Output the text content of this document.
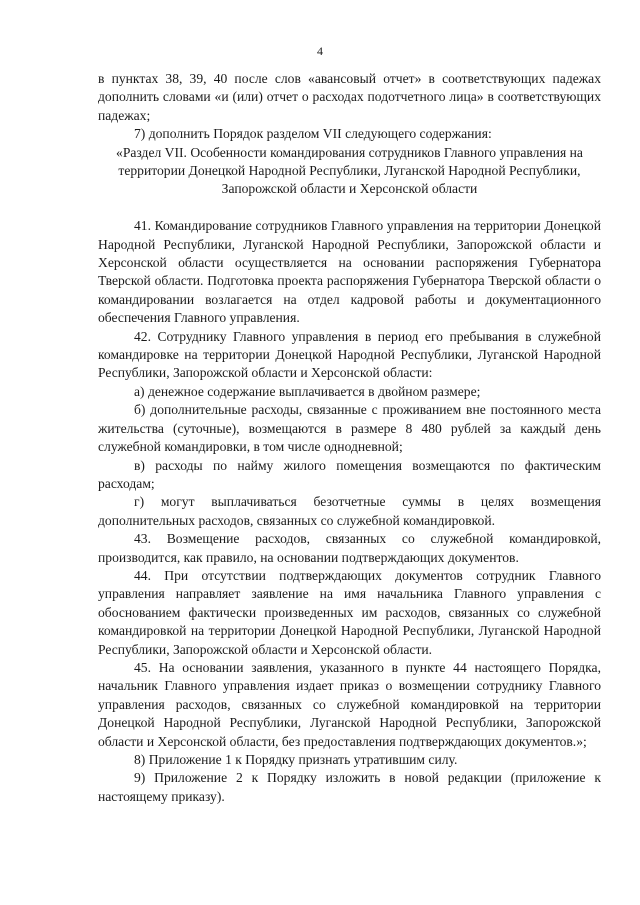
4

в пунктах 38, 39, 40 после слов «авансовый отчет» в соответствующих падежах дополнить словами «и (или) отчет о расходах подотчетного лица» в соответствующих падежах;

7) дополнить Порядок разделом VII следующего содержания:

«Раздел VII. Особенности командирования сотрудников Главного управления на территории Донецкой Народной Республики, Луганской Народной Республики, Запорожской области и Херсонской области

41. Командирование сотрудников Главного управления на территории Донецкой Народной Республики, Луганской Народной Республики, Запорожской области и Херсонской области осуществляется на основании распоряжения Губернатора Тверской области. Подготовка проекта распоряжения Губернатора Тверской области о командировании возлагается на отдел кадровой работы и документационного обеспечения Главного управления.

42. Сотруднику Главного управления в период его пребывания в служебной командировке на территории Донецкой Народной Республики, Луганской Народной Республики, Запорожской области и Херсонской области:

а) денежное содержание выплачивается в двойном размере;

б) дополнительные расходы, связанные с проживанием вне постоянного места жительства (суточные), возмещаются в размере 8 480 рублей за каждый день служебной командировки, в том числе однодневной;

в) расходы по найму жилого помещения возмещаются по фактическим расходам;

г) могут выплачиваться безотчетные суммы в целях возмещения дополнительных расходов, связанных со служебной командировкой.

43. Возмещение расходов, связанных со служебной командировкой, производится, как правило, на основании подтверждающих документов.

44. При отсутствии подтверждающих документов сотрудник Главного управления направляет заявление на имя начальника Главного управления с обоснованием фактически произведенных им расходов, связанных со служебной командировкой на территории Донецкой Народной Республики, Луганской Народной Республики, Запорожской области и Херсонской области.

45. На основании заявления, указанного в пункте 44 настоящего Порядка, начальник Главного управления издает приказ о возмещении сотруднику Главного управления расходов, связанных со служебной командировкой на территории Донецкой Народной Республики, Луганской Народной Республики, Запорожской области и Херсонской области, без предоставления подтверждающих документов.»;

8) Приложение 1 к Порядку признать утратившим силу.

9) Приложение 2 к Порядку изложить в новой редакции (приложение к настоящему приказу).
